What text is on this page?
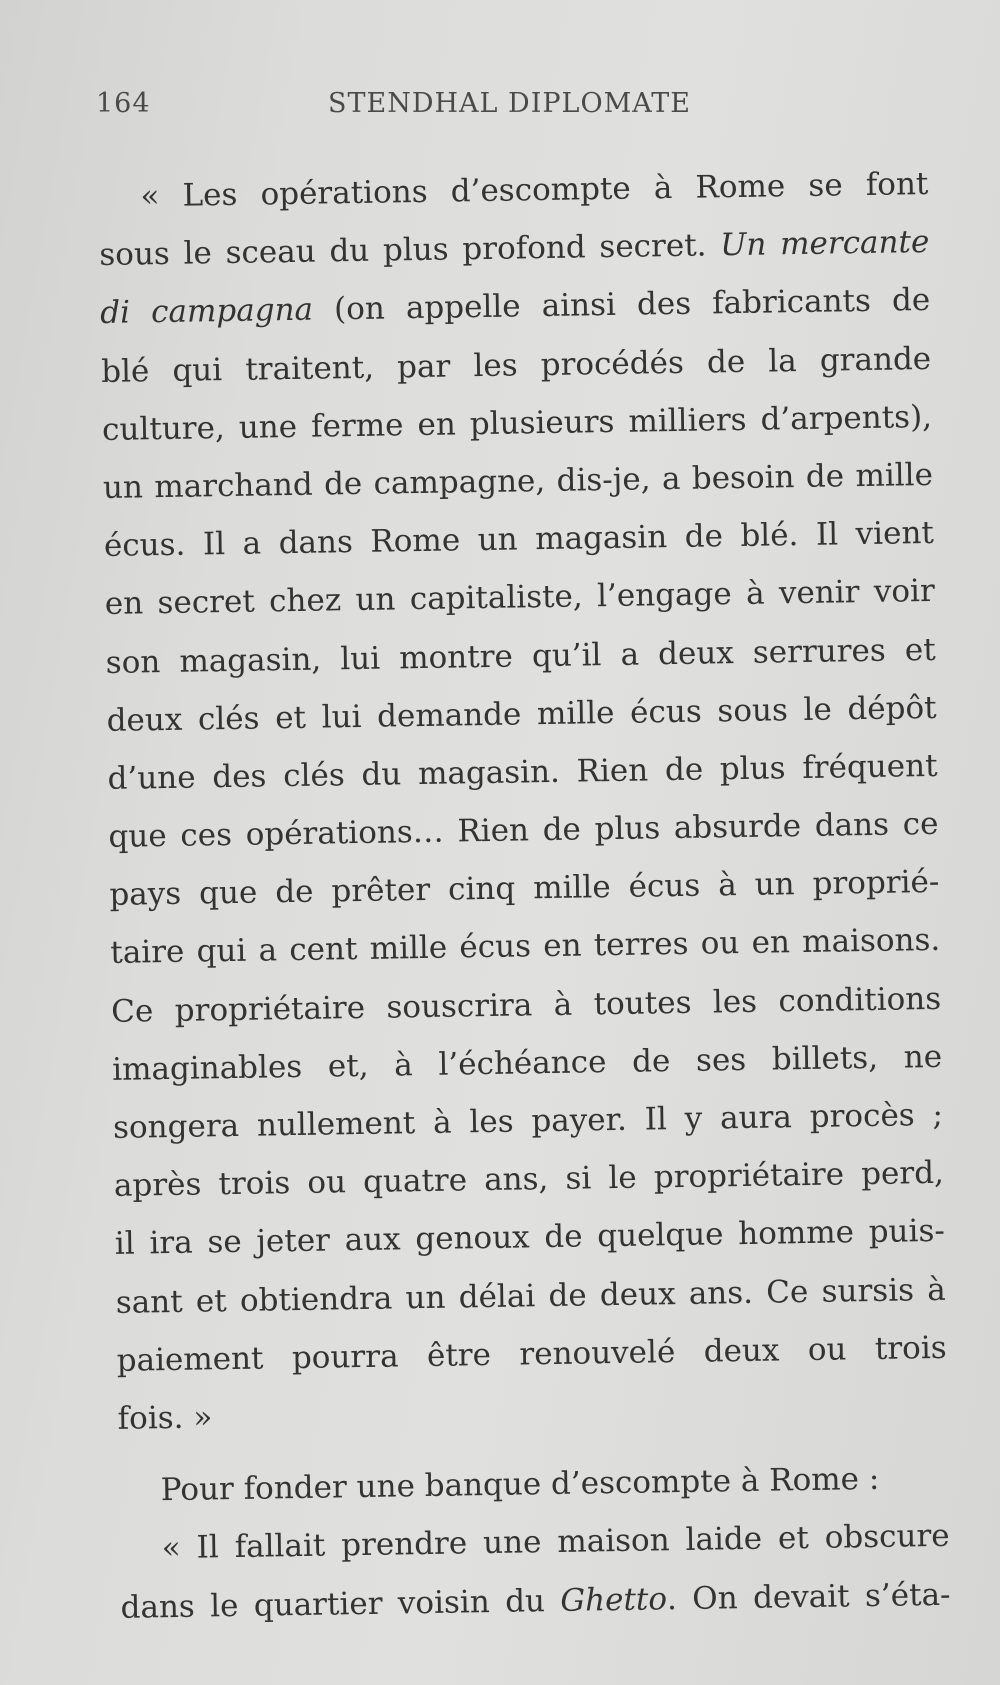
164	STENDHAL DIPLOMATE
« Les opérations d’escompte à Rome se font
sous le sceau du plus profond secret. Un mercante
di campagna (on appelle ainsi des fabricants de
blé qui traitent, par les procédés de la grande
culture, une ferme en plusieurs milliers d’arpents),
un marchand de campagne, dis-je, a besoin de mille
écus. Il a dans Rome un magasin de blé. Il vient
en secret chez un capitaliste, l’engage à venir voir
son magasin, lui montre qu’il a deux serrures et
deux clés et lui demande mille écus sous le dépôt
d’une des clés du magasin. Rien de plus fréquent
que ces opérations… Rien de plus absurde dans ce
pays que de prêter cinq mille écus à un proprié-
taire qui a cent mille écus en terres ou en maisons.
Ce propriétaire souscrira à toutes les conditions
imaginables et, à l’échéance de ses billets, ne
songera nullement à les payer. Il y aura procès ;
après trois ou quatre ans, si le propriétaire perd,
il ira se jeter aux genoux de quelque homme puis-
sant et obtiendra un délai de deux ans. Ce sursis à
paiement pourra être renouvelé deux ou trois
fois. »
Pour fonder une banque d’escompte à Rome :
« Il fallait prendre une maison laide et obscure
dans le quartier voisin du Ghetto. On devait s’éta-
